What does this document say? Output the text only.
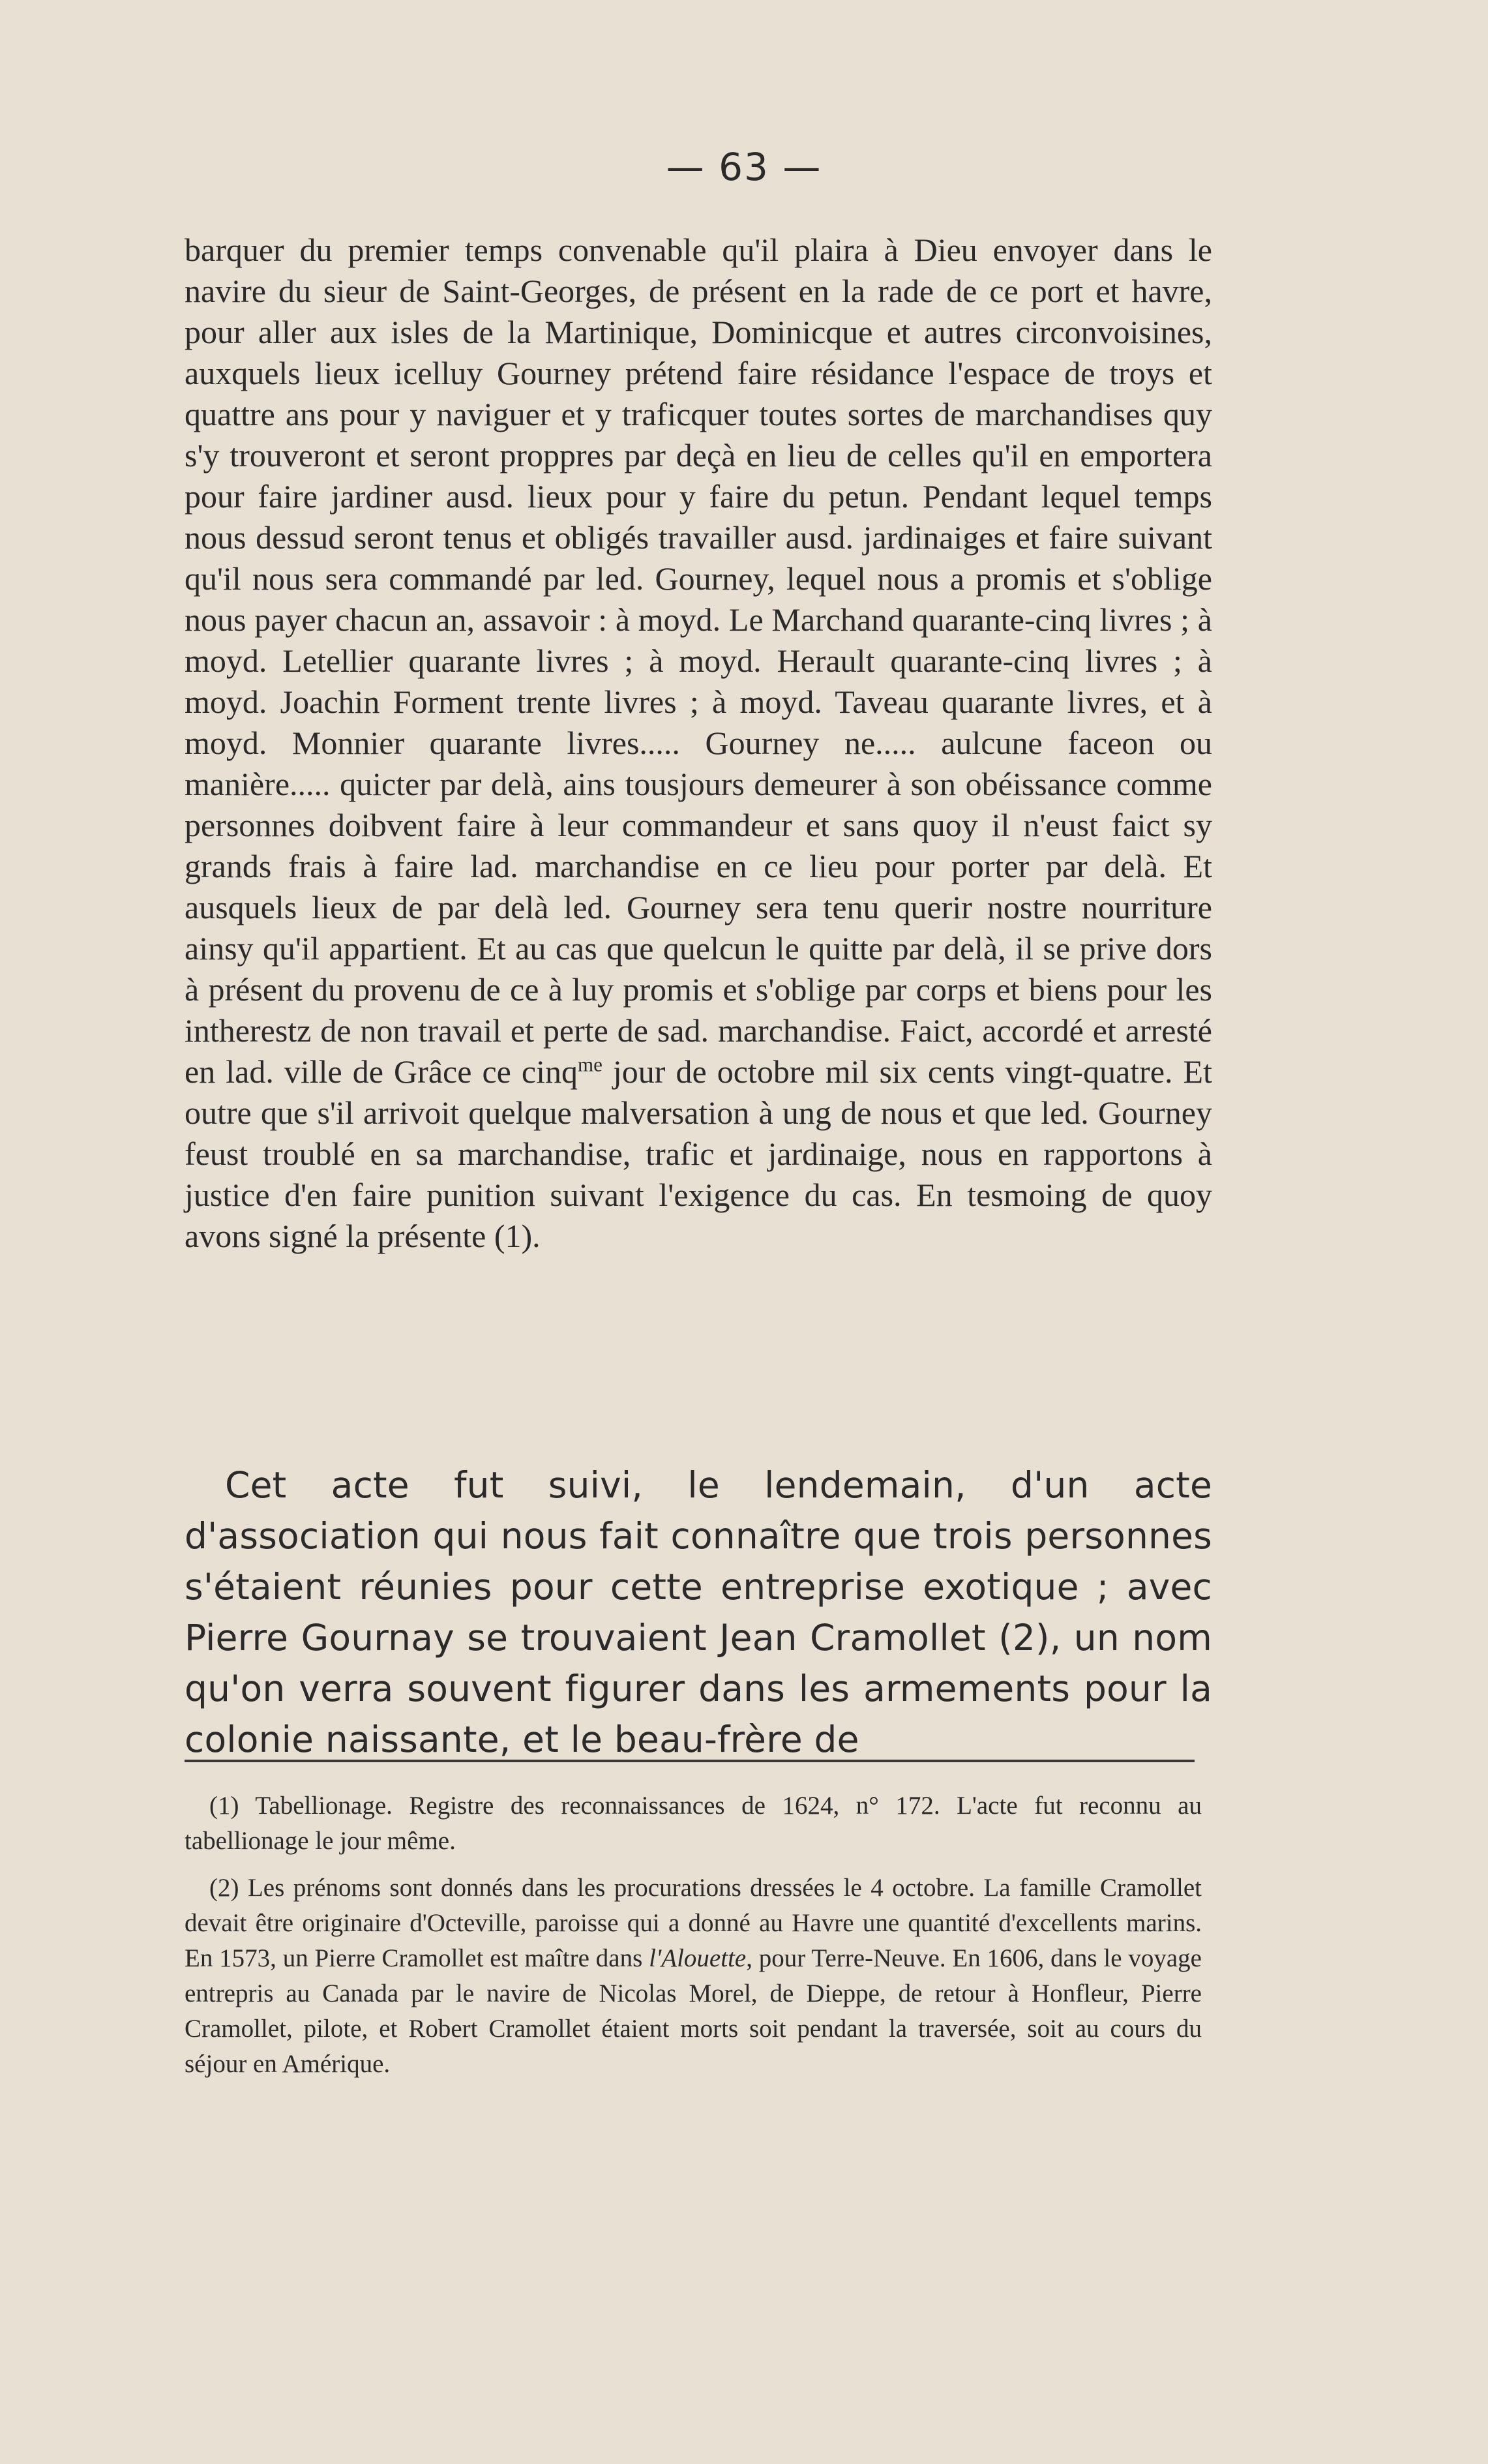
— 63 —

barquer du premier temps convenable qu'il plaira à Dieu envoyer dans le navire du sieur de Saint-Georges, de présent en la rade de ce port et havre, pour aller aux isles de la Martinique, Dominicque et autres circonvoisines, auxquels lieux icelluy Gourney prétend faire résidance l'espace de troys et quattre ans pour y naviguer et y traficquer toutes sortes de marchandises quy s'y trouveront et seront proppres par deçà en lieu de celles qu'il en emportera pour faire jardiner ausd. lieux pour y faire du petun. Pendant lequel temps nous dessud seront tenus et obligés travailler ausd. jardinaiges et faire suivant qu'il nous sera commandé par led. Gourney, lequel nous a promis et s'oblige nous payer chacun an, assavoir : à moyd. Le Marchand quarante-cinq livres ; à moyd. Letellier quarante livres ; à moyd. Herault quarante-cinq livres ; à moyd. Joachin Forment trente livres ; à moyd. Taveau quarante livres, et à moyd. Monnier quarante livres..... Gourney ne..... aulcune faceon ou manière..... quicter par delà, ains tousjours demeurer à son obéissance comme personnes doibvent faire à leur commandeur et sans quoy il n'eust faict sy grands frais à faire lad. marchandise en ce lieu pour porter par delà. Et ausquels lieux de par delà led. Gourney sera tenu querir nostre nourriture ainsy qu'il appartient. Et au cas que quelcun le quitte par delà, il se prive dors à présent du provenu de ce à luy promis et s'oblige par corps et biens pour les intherestz de non travail et perte de sad. marchandise. Faict, accordé et arresté en lad. ville de Grâce ce cinq$^{me}$ jour de octobre mil six cents vingt-quatre. Et outre que s'il arrivoit quelque malversation à ung de nous et que led. Gourney feust troublé en sa marchandise, trafic et jardinaige, nous en rapportons à justice d'en faire punition suivant l'exigence du cas. En tesmoing de quoy avons signé la présente (1).

Cet acte fut suivi, le lendemain, d'un acte d'association qui nous fait connaître que trois personnes s'étaient réunies pour cette entreprise exotique ; avec Pierre Gournay se trouvaient Jean Cramollet (2), un nom qu'on verra souvent figurer dans les armements pour la colonie naissante, et le beau-frère de

(1) Tabellionage. Registre des reconnaissances de 1624, n° 172. L'acte fut reconnu au tabellionage le jour même.

(2) Les prénoms sont donnés dans les procurations dressées le 4 octobre. La famille Cramollet devait être originaire d'Octeville, paroisse qui a donné au Havre une quantité d'excellents marins. En 1573, un Pierre Cramollet est maître dans l'Alouette, pour Terre-Neuve. En 1606, dans le voyage entrepris au Canada par le navire de Nicolas Morel, de Dieppe, de retour à Honfleur, Pierre Cramollet, pilote, et Robert Cramollet étaient morts soit pendant la traversée, soit au cours du séjour en Amérique.
